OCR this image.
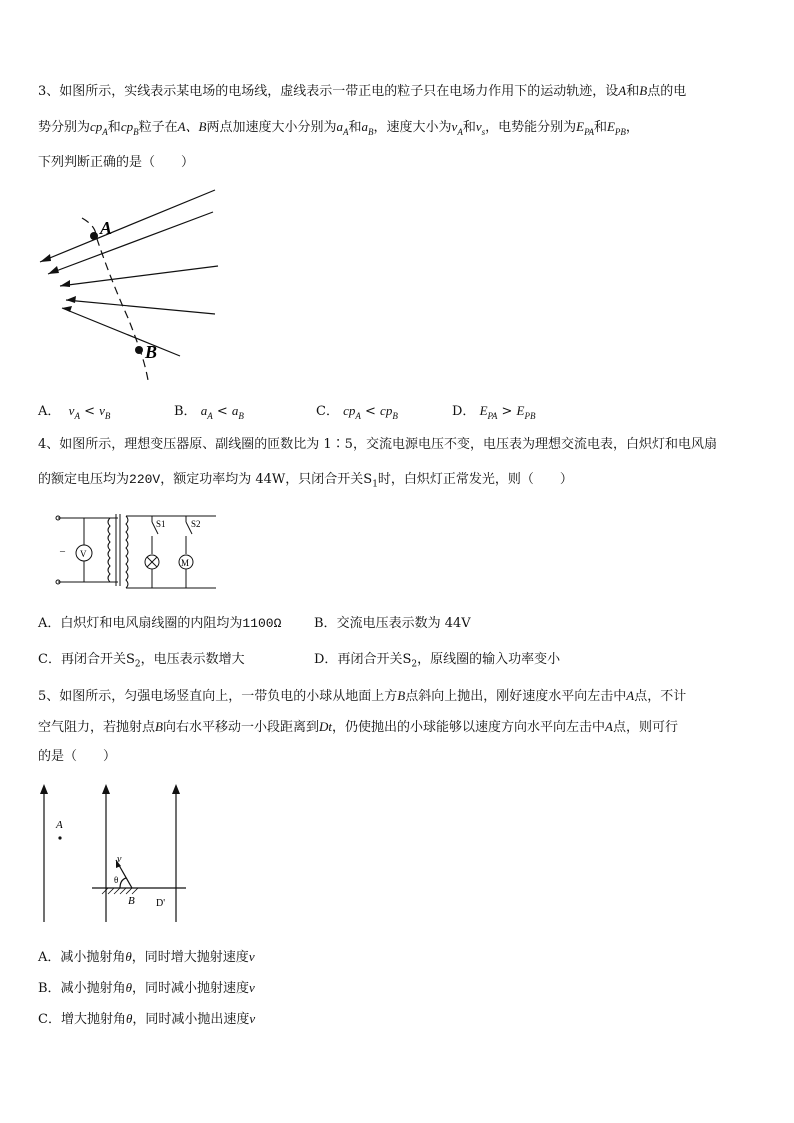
3、如图所示，实线表示某电场的电场线，虚线表示一带正电的粒子只在电场力作用下的运动轨迹，设A和B点的电
势分别为$cp_A$和$cp_B$粒子在A、B两点加速度大小分别为$a_A$和$a_B$，速度大小为$v_A$和$v_s$，电势能分别为$E_{PA}$和$E_{PB}$，
下列判断正确的是（　　）
A
B
A． $v_A < v_B$	B． $a_A < a_B$	C． $cp_A < cp_B$	D． $E_{PA} > E_{PB}$
4、如图所示，理想变压器原、副线圈的匝数比为 1∶5，交流电源电压不变，电压表为理想交流电表，白炽灯和电风扇
的额定电压均为220V，额定功率均为 44W，只闭合开关$S_1$时，白炽灯正常发光，则（　　）
V
M
S1	S2
–
A．白炽灯和电风扇线圈的内阻均为1100Ω	B．交流电压表示数为 44V
C．再闭合开关$S_2$，电压表示数增大	D．再闭合开关$S_2$，原线圈的输入功率变小
5、如图所示，匀强电场竖直向上，一带负电的小球从地面上方B点斜向上抛出，刚好速度水平向左击中A点，不计
空气阻力，若抛射点B向右水平移动一小段距离到Dt，仍使抛出的小球能够以速度方向水平向左击中A点，则可行
的是（　　）
A
v
θ
B D'
A．减小抛射角θ，同时增大抛射速度v
B．减小抛射角θ，同时减小抛射速度v
C．增大抛射角θ，同时减小抛出速度v
